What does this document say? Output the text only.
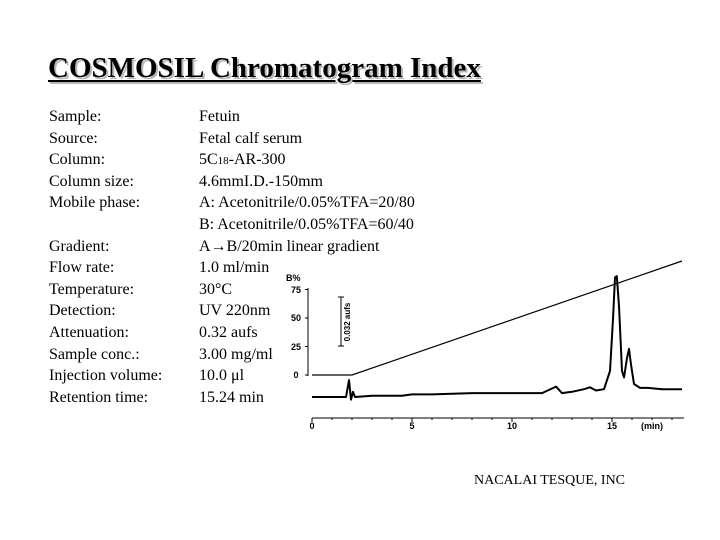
COSMOSIL Chromatogram Index
Sample:	Fetuin
Source:	Fetal calf serum
Column:	5C18-AR-300
Column size:	4.6mmI.D.-150mm
Mobile phase:	A: Acetonitrile/0.05%TFA=20/80
B: Acetonitrile/0.05%TFA=60/40
Gradient:	A→B/20min linear gradient
Flow rate:	1.0 ml/min
Temperature:	30°C
Detection:	UV 220nm
Attenuation:	0.32 aufs
Sample conc.:	3.00 mg/ml
Injection volume: 10.0 μl
Retention time:	15.24 min
B%
0
25
50
75
0.032 aufs
0	5	10	15	(min)
NACALAI TESQUE, INC
